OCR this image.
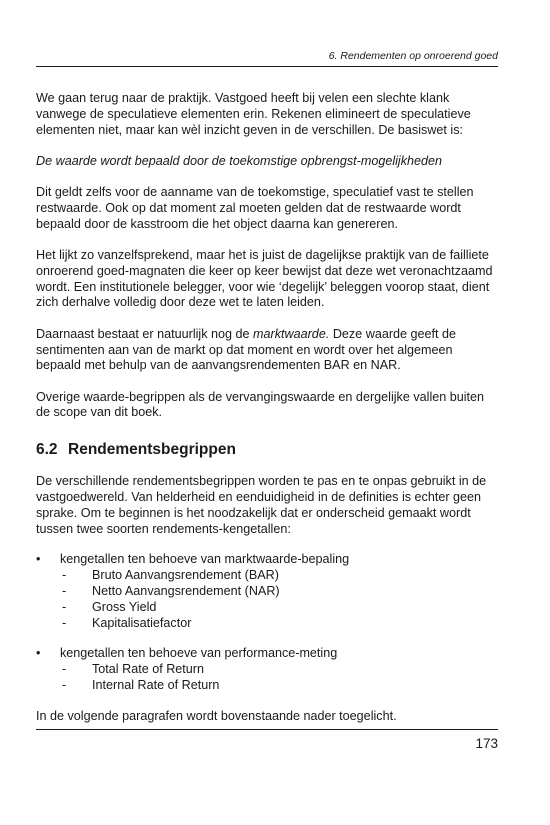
6. Rendementen op onroerend goed

We gaan terug naar de praktijk. Vastgoed heeft bij velen een slechte klank vanwege de speculatieve elementen erin. Rekenen elimineert de speculatieve elementen niet, maar kan wèl inzicht geven in de verschillen. De basiswet is:

De waarde wordt bepaald door de toekomstige opbrengst-mogelijkheden

Dit geldt zelfs voor de aanname van de toekomstige, speculatief vast te stellen restwaarde. Ook op dat moment zal moeten gelden dat de restwaarde wordt bepaald door de kasstroom die het object daarna kan genereren.

Het lijkt zo vanzelfsprekend, maar het is juist de dagelijkse praktijk van de failliete onroerend goed-magnaten die keer op keer bewijst dat deze wet veronachtzaamd wordt. Een institutionele belegger, voor wie ‘degelijk’ beleggen voorop staat, dient zich derhalve volledig door deze wet te laten leiden.

Daarnaast bestaat er natuurlijk nog de marktwaarde. Deze waarde geeft de sentimenten aan van de markt op dat moment en wordt over het algemeen bepaald met behulp van de aanvangsrendementen BAR en NAR.

Overige waarde-begrippen als de vervangingswaarde en dergelijke vallen buiten de scope van dit boek.

6.2 Rendementsbegrippen

De verschillende rendementsbegrippen worden te pas en te onpas gebruikt in de vastgoedwereld. Van helderheid en eenduidigheid in de definities is echter geen sprake. Om te beginnen is het noodzakelijk dat er onderscheid gemaakt wordt tussen twee soorten rendements-kengetallen:

• kengetallen ten behoeve van marktwaarde-bepaling
- Bruto Aanvangsrendement (BAR)
- Netto Aanvangsrendement (NAR)
- Gross Yield
- Kapitalisatiefactor
• kengetallen ten behoeve van performance-meting
- Total Rate of Return
- Internal Rate of Return

In de volgende paragrafen wordt bovenstaande nader toegelicht.

173
